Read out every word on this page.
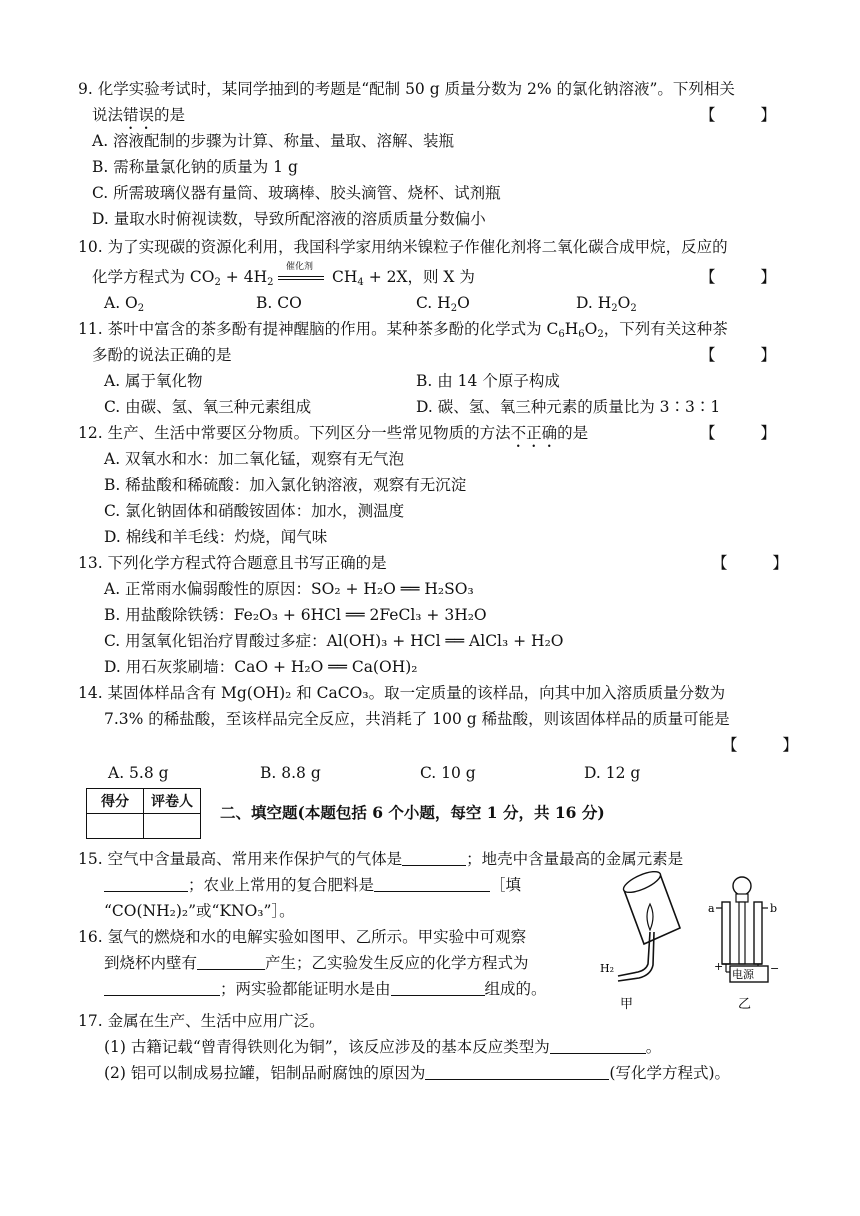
9. 化学实验考试时，某同学抽到的考题是“配制 50 g 质量分数为 2% 的氯化钠溶液”。下列相关
说法错误的是	【 】
A. 溶液配制的步骤为计算、称量、量取、溶解、装瓶
B. 需称量氯化钠的质量为 1 g
C. 所需玻璃仪器有量筒、玻璃棒、胶头滴管、烧杯、试剂瓶
D. 量取水时俯视读数，导致所配溶液的溶质质量分数偏小
10. 为了实现碳的资源化利用，我国科学家用纳米镍粒子作催化剂将二氧化碳合成甲烷，反应的
催化剂
化学方程式为 $CO_2 + 4H_2$	$CH_4 + 2X$，则 X 为	【 】
A. $O_2$	B. CO	C. $H_2O$	D. $H_2O_2$
11. 茶叶中富含的茶多酚有提神醒脑的作用。某种茶多酚的化学式为 $C_6H_6O_2$，下列有关这种茶
多酚的说法正确的是	【 】
A. 属于氧化物	B. 由 14 个原子构成
C. 由碳、氢、氧三种元素组成	D. 碳、氢、氧三种元素的质量比为 3∶3∶1
12. 生产、生活中常要区分物质。下列区分一些常见物质的方法不正确的是	【 】
A. 双氧水和水：加二氧化锰，观察有无气泡
B. 稀盐酸和稀硫酸：加入氯化钠溶液，观察有无沉淀
C. 氯化钠固体和硝酸铵固体：加水，测温度
D. 棉线和羊毛线：灼烧，闻气味
13. 下列化学方程式符合题意且书写正确的是	【 】
A. 正常雨水偏弱酸性的原因：SO₂ + H₂O ══ H₂SO₃
B. 用盐酸除铁锈：Fe₂O₃ + 6HCl ══ 2FeCl₃ + 3H₂O
C. 用氢氧化铝治疗胃酸过多症：Al(OH)₃ + HCl ══ AlCl₃ + H₂O
D. 用石灰浆刷墙：CaO + H₂O ══ Ca(OH)₂
14. 某固体样品含有 Mg(OH)₂ 和 CaCO₃。取一定质量的该样品，向其中加入溶质质量分数为
7.3% 的稀盐酸，至该样品完全反应，共消耗了 100 g 稀盐酸，则该固体样品的质量可能是
【 】
A. 5.8 g	B. 8.8 g	C. 10 g	D. 12 g
得分	评卷人

二、填空题(本题包括 6 个小题，每空 1 分，共 16 分)
15. 空气中含量最高、常用来作保护气的气体是	；地壳中含量最高的金属元素是
；农业上常用的复合肥料是	［填
“CO(NH₂)₂”或“KNO₃”］。
16. 氢气的燃烧和水的电解实验如图甲、乙所示。甲实验中可观察
到烧杯内壁有	产生；乙实验发生反应的化学方程式为
；两实验都能证明水是由	组成的。
H₂
甲
电源
a	b
+	−
乙
17. 金属在生产、生活中应用广泛。
(1) 古籍记载“曾青得铁则化为铜”，该反应涉及的基本反应类型为	。
(2) 铝可以制成易拉罐，铝制品耐腐蚀的原因为	(写化学方程式)。
